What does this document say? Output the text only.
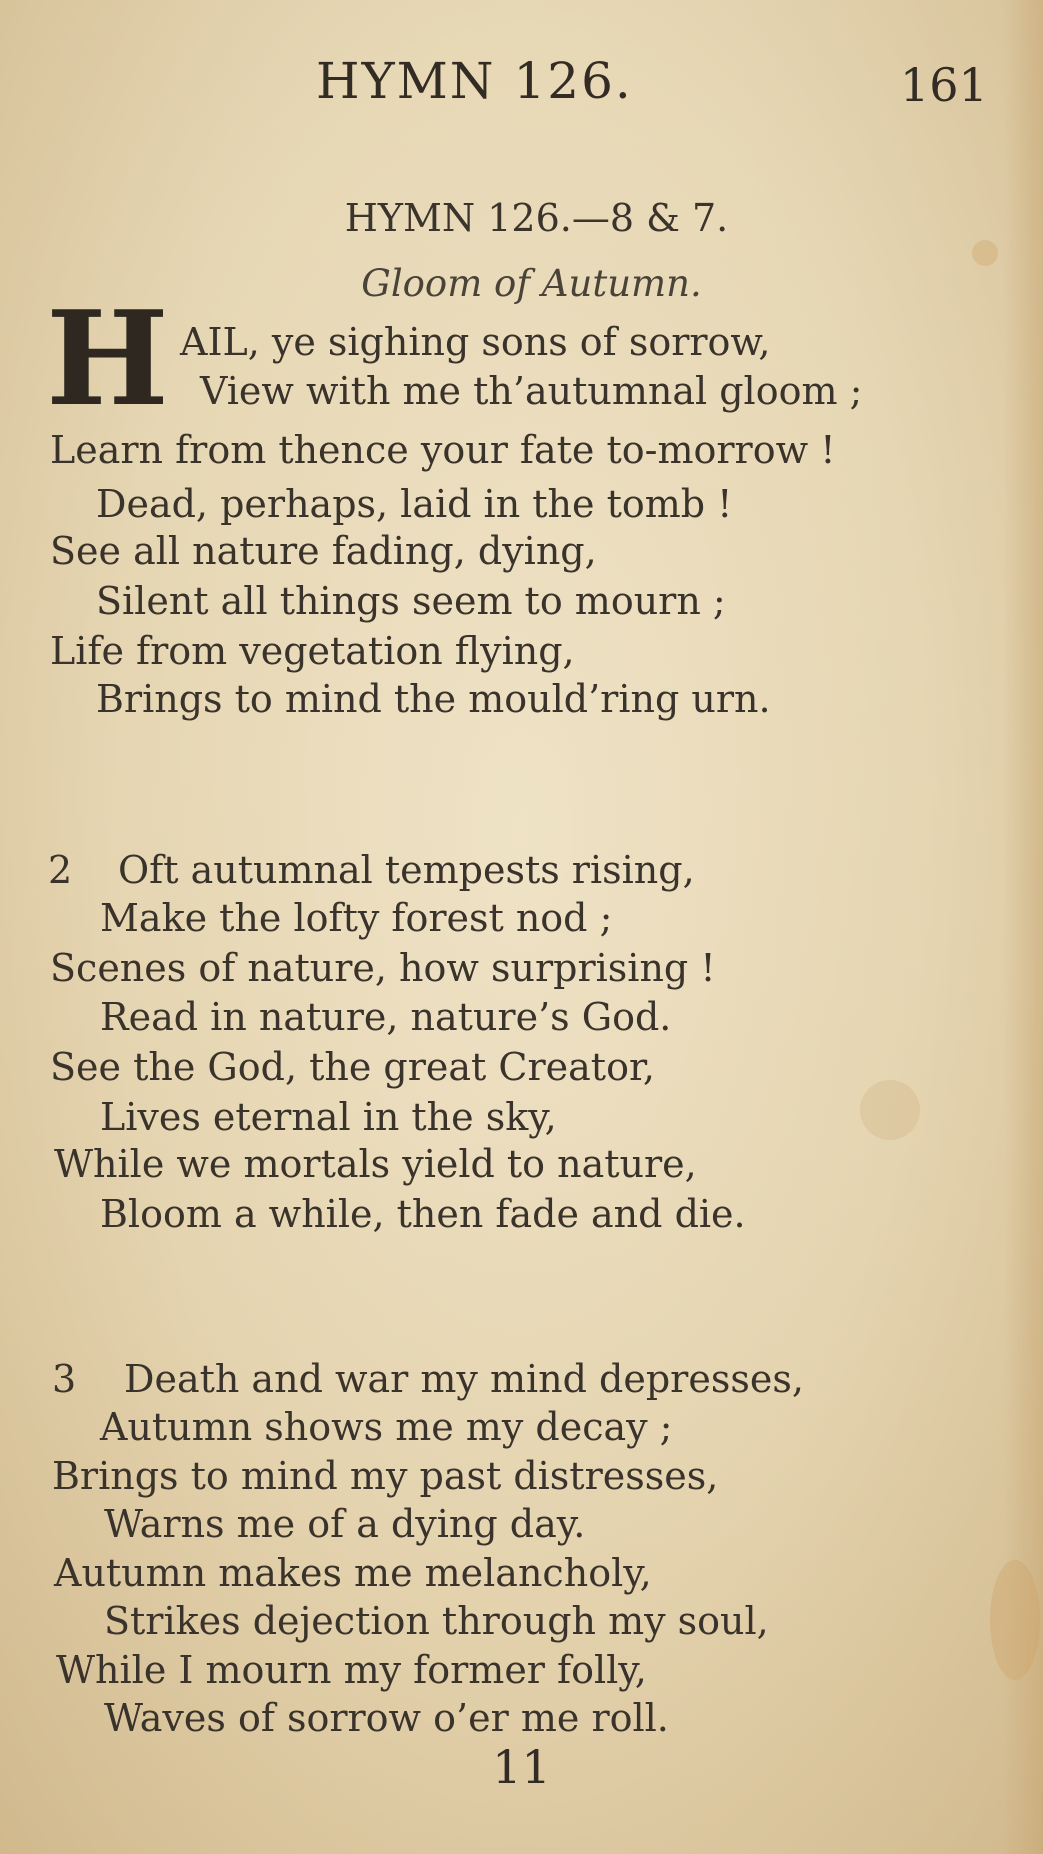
HYMN 126.	161
HYMN 126.—8 & 7.
Gloom of Autumn.
H AIL, ye sighing sons of sorrow,
View with me th’autumnal gloom ;
Learn from thence your fate to-morrow !
Dead, perhaps, laid in the tomb !
See all nature fading, dying,
Silent all things seem to mourn ;
Life from vegetation flying,
Brings to mind the mould’ring urn.
2 Oft autumnal tempests rising,
Make the lofty forest nod ;
Scenes of nature, how surprising !
Read in nature, nature’s God.
See the God, the great Creator,
Lives eternal in the sky,
While we mortals yield to nature,
Bloom a while, then fade and die.
3 Death and war my mind depresses,
Autumn shows me my decay ;
Brings to mind my past distresses,
Warns me of a dying day.
Autumn makes me melancholy,
Strikes dejection through my soul,
While I mourn my former folly,
Waves of sorrow o’er me roll.
11
